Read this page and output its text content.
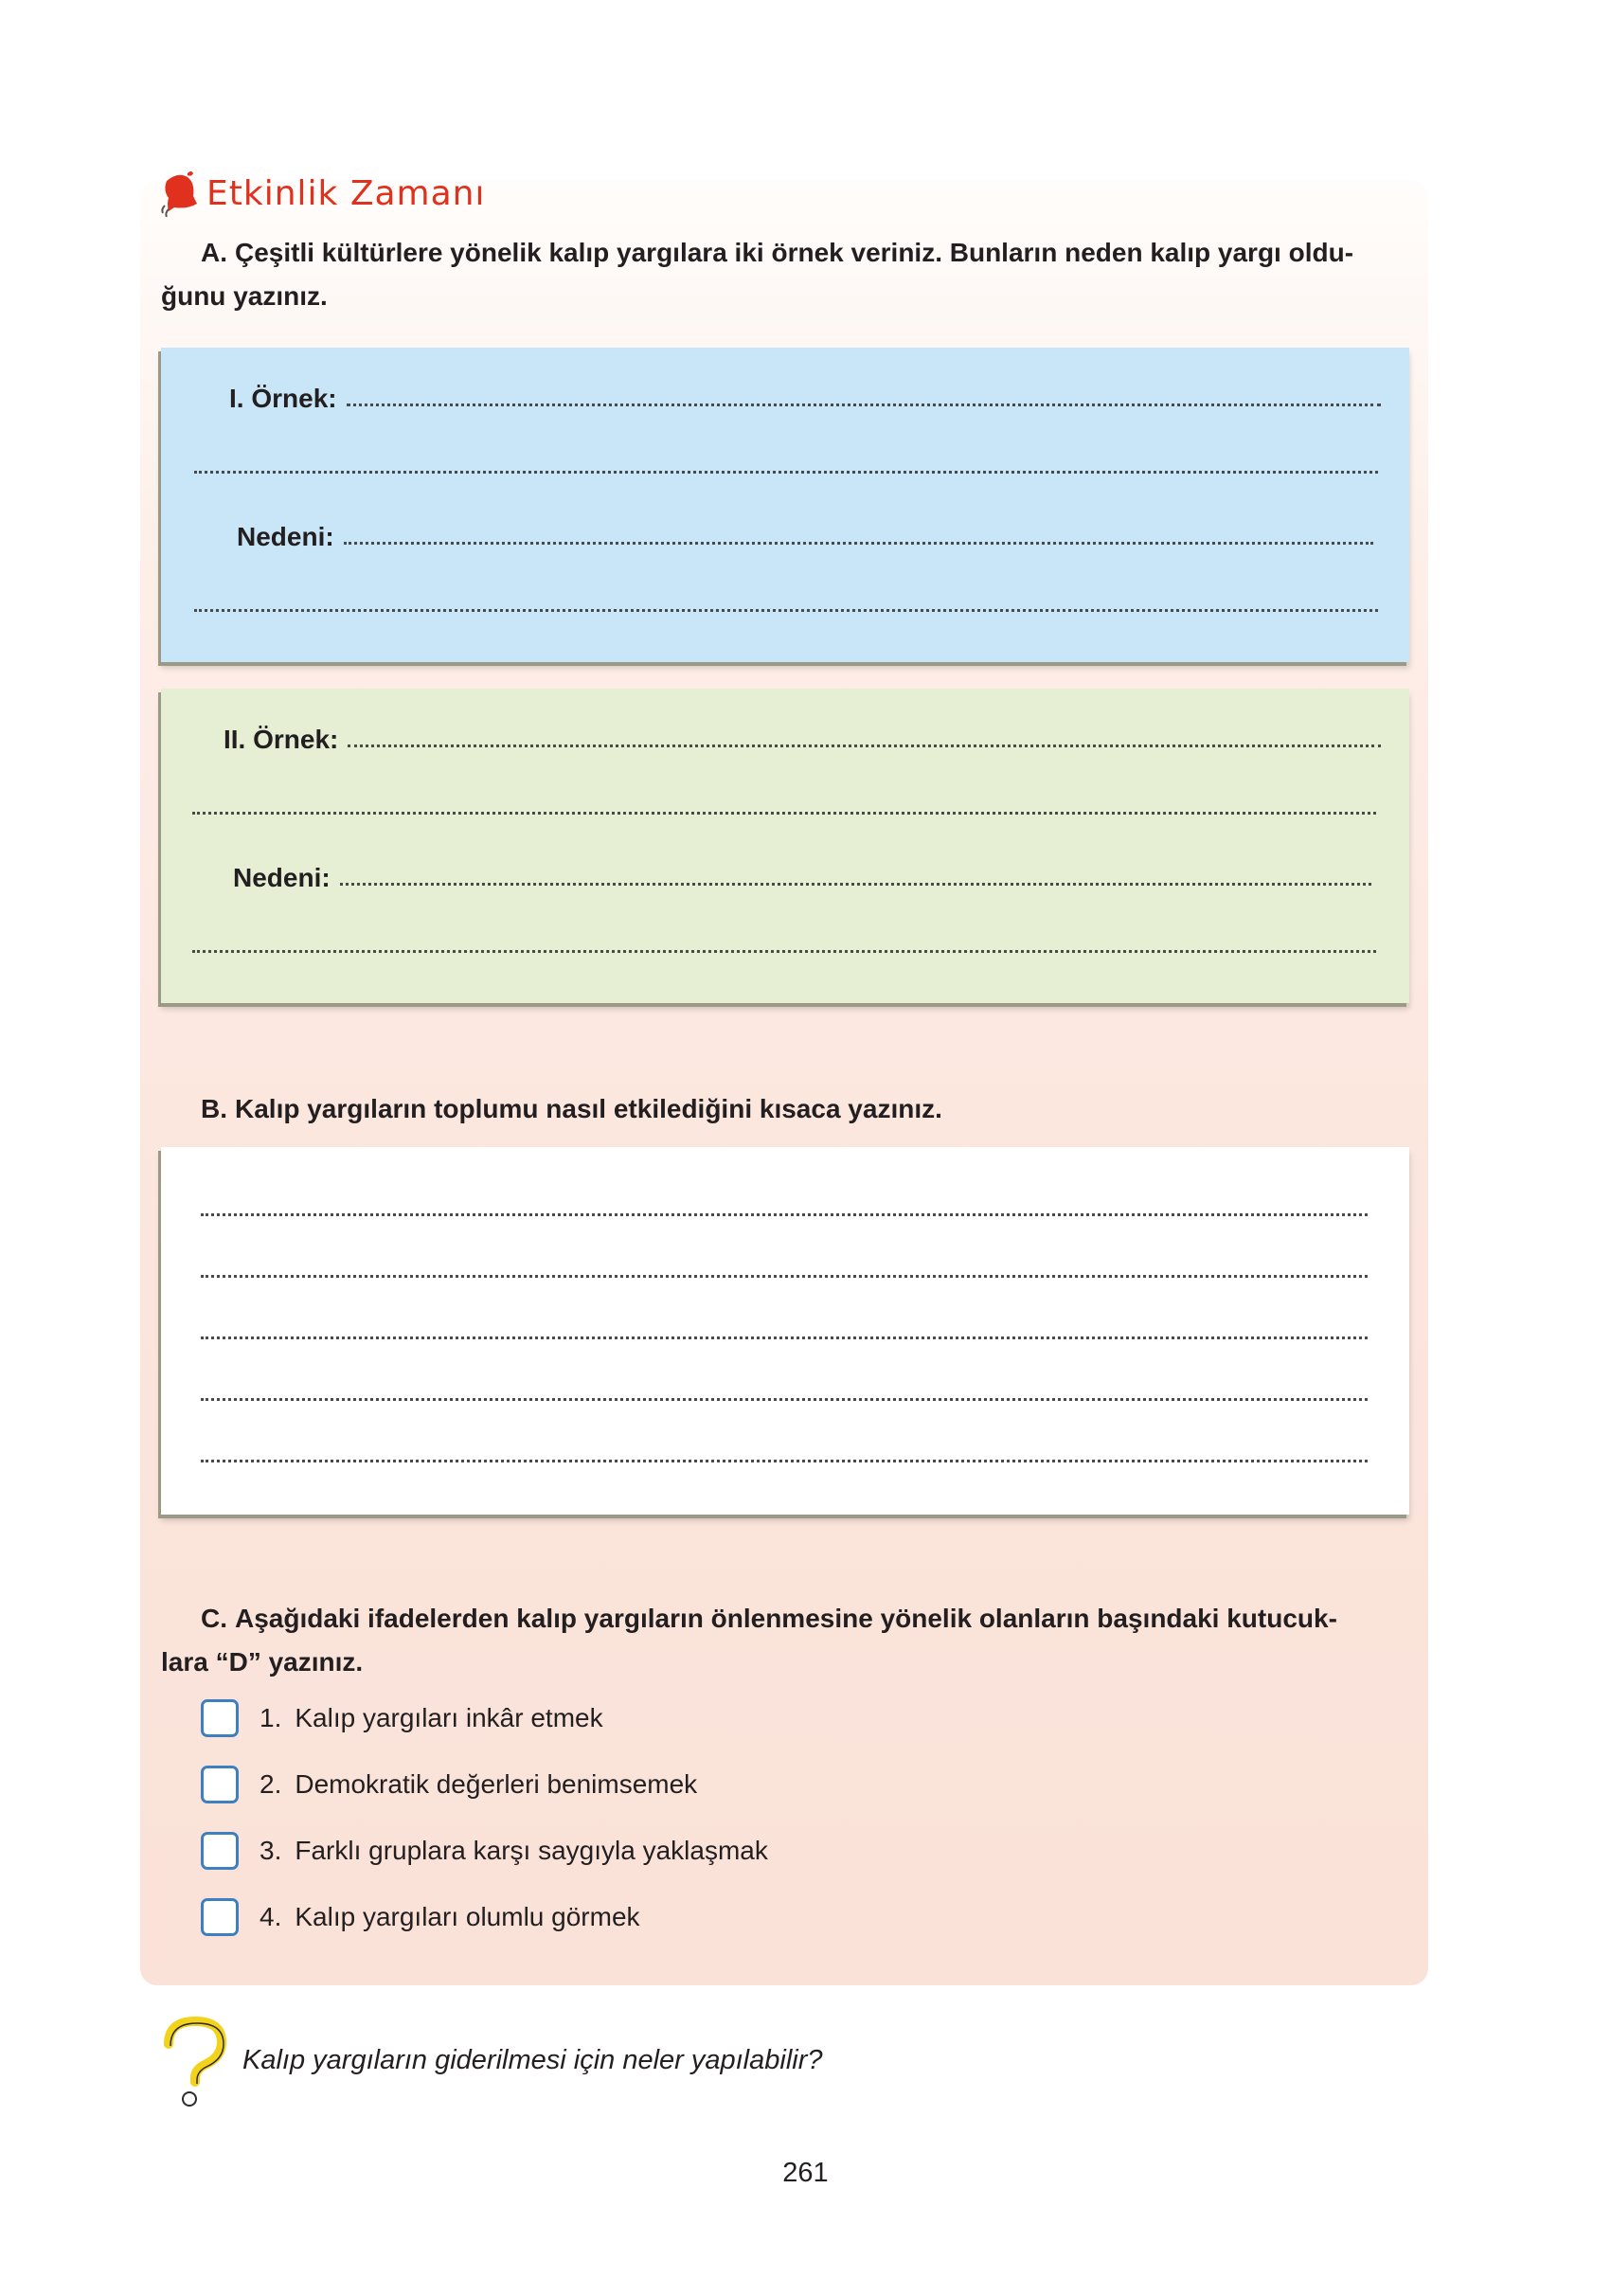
Etkinlik Zamanı
A. Çeşitli kültürlere yönelik kalıp yargılara iki örnek veriniz. Bunların neden kalıp yargı oldu-
ğunu yazınız.
I. Örnek:
Nedeni:
II. Örnek:
Nedeni:
B. Kalıp yargıların toplumu nasıl etkilediğini kısaca yazınız.
C. Aşağıdaki ifadelerden kalıp yargıların önlenmesine yönelik olanların başındaki kutucuk-
lara “D” yazınız.
1. Kalıp yargıları inkâr etmek
2. Demokratik değerleri benimsemek
3. Farklı gruplara karşı saygıyla yaklaşmak
4. Kalıp yargıları olumlu görmek
Kalıp yargıların giderilmesi için neler yapılabilir?
261
